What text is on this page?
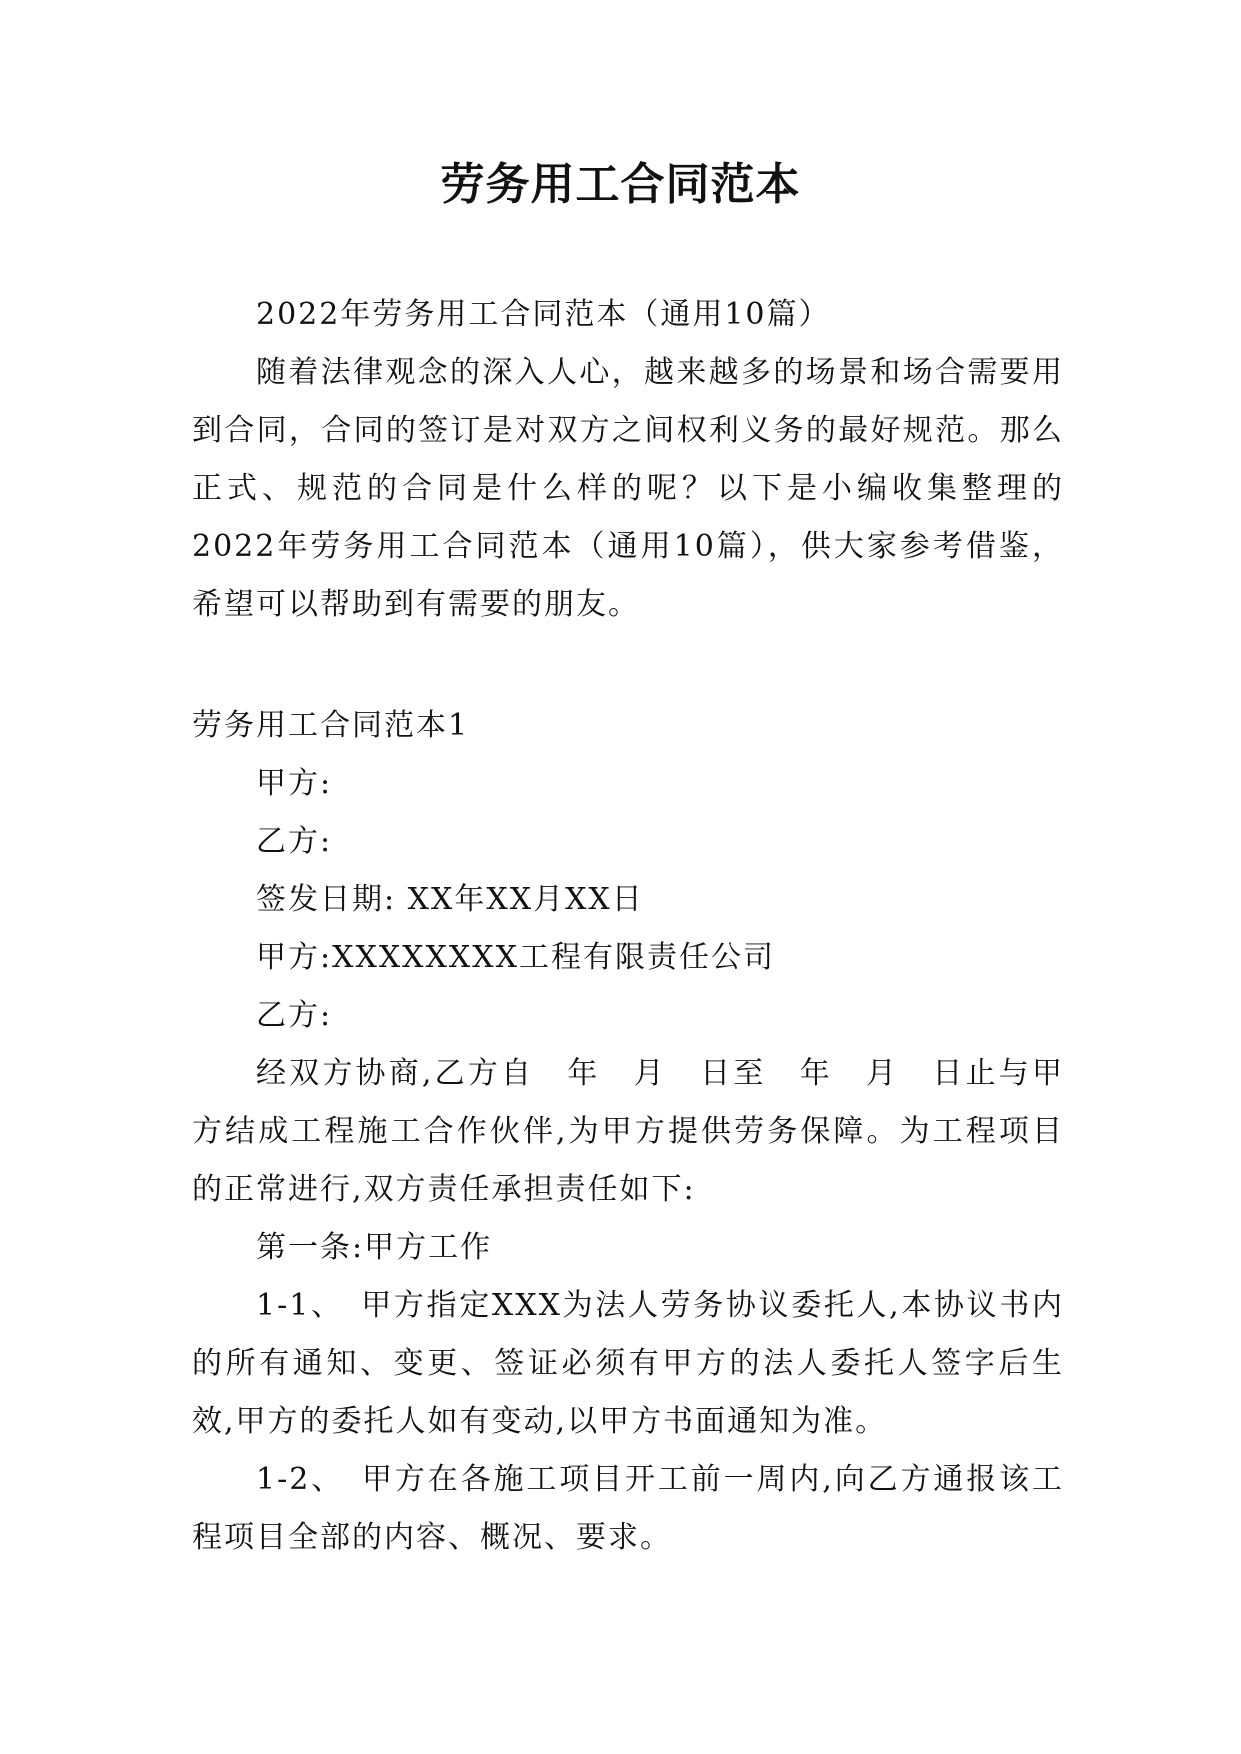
劳务用工合同范本

2022年劳务用工合同范本（通用10篇）

随着法律观念的深入人心，越来越多的场景和场合需要用到合同，合同的签订是对双方之间权利义务的最好规范。那么正式、规范的合同是什么样的呢？以下是小编收集整理的2022年劳务用工合同范本（通用10篇），供大家参考借鉴，希望可以帮助到有需要的朋友。

劳务用工合同范本1

甲方:

乙方:

签发日期: XX年XX月XX日

甲方:XXXXXXXX工程有限责任公司

乙方:

经双方协商,乙方自　年　月　日至　年　月　日止与甲方结成工程施工合作伙伴,为甲方提供劳务保障。为工程项目的正常进行,双方责任承担责任如下:

第一条:甲方工作

1-1、　甲方指定XXX为法人劳务协议委托人,本协议书内的所有通知、变更、签证必须有甲方的法人委托人签字后生效,甲方的委托人如有变动,以甲方书面通知为准。

1-2、　甲方在各施工项目开工前一周内,向乙方通报该工程项目全部的内容、概况、要求。
